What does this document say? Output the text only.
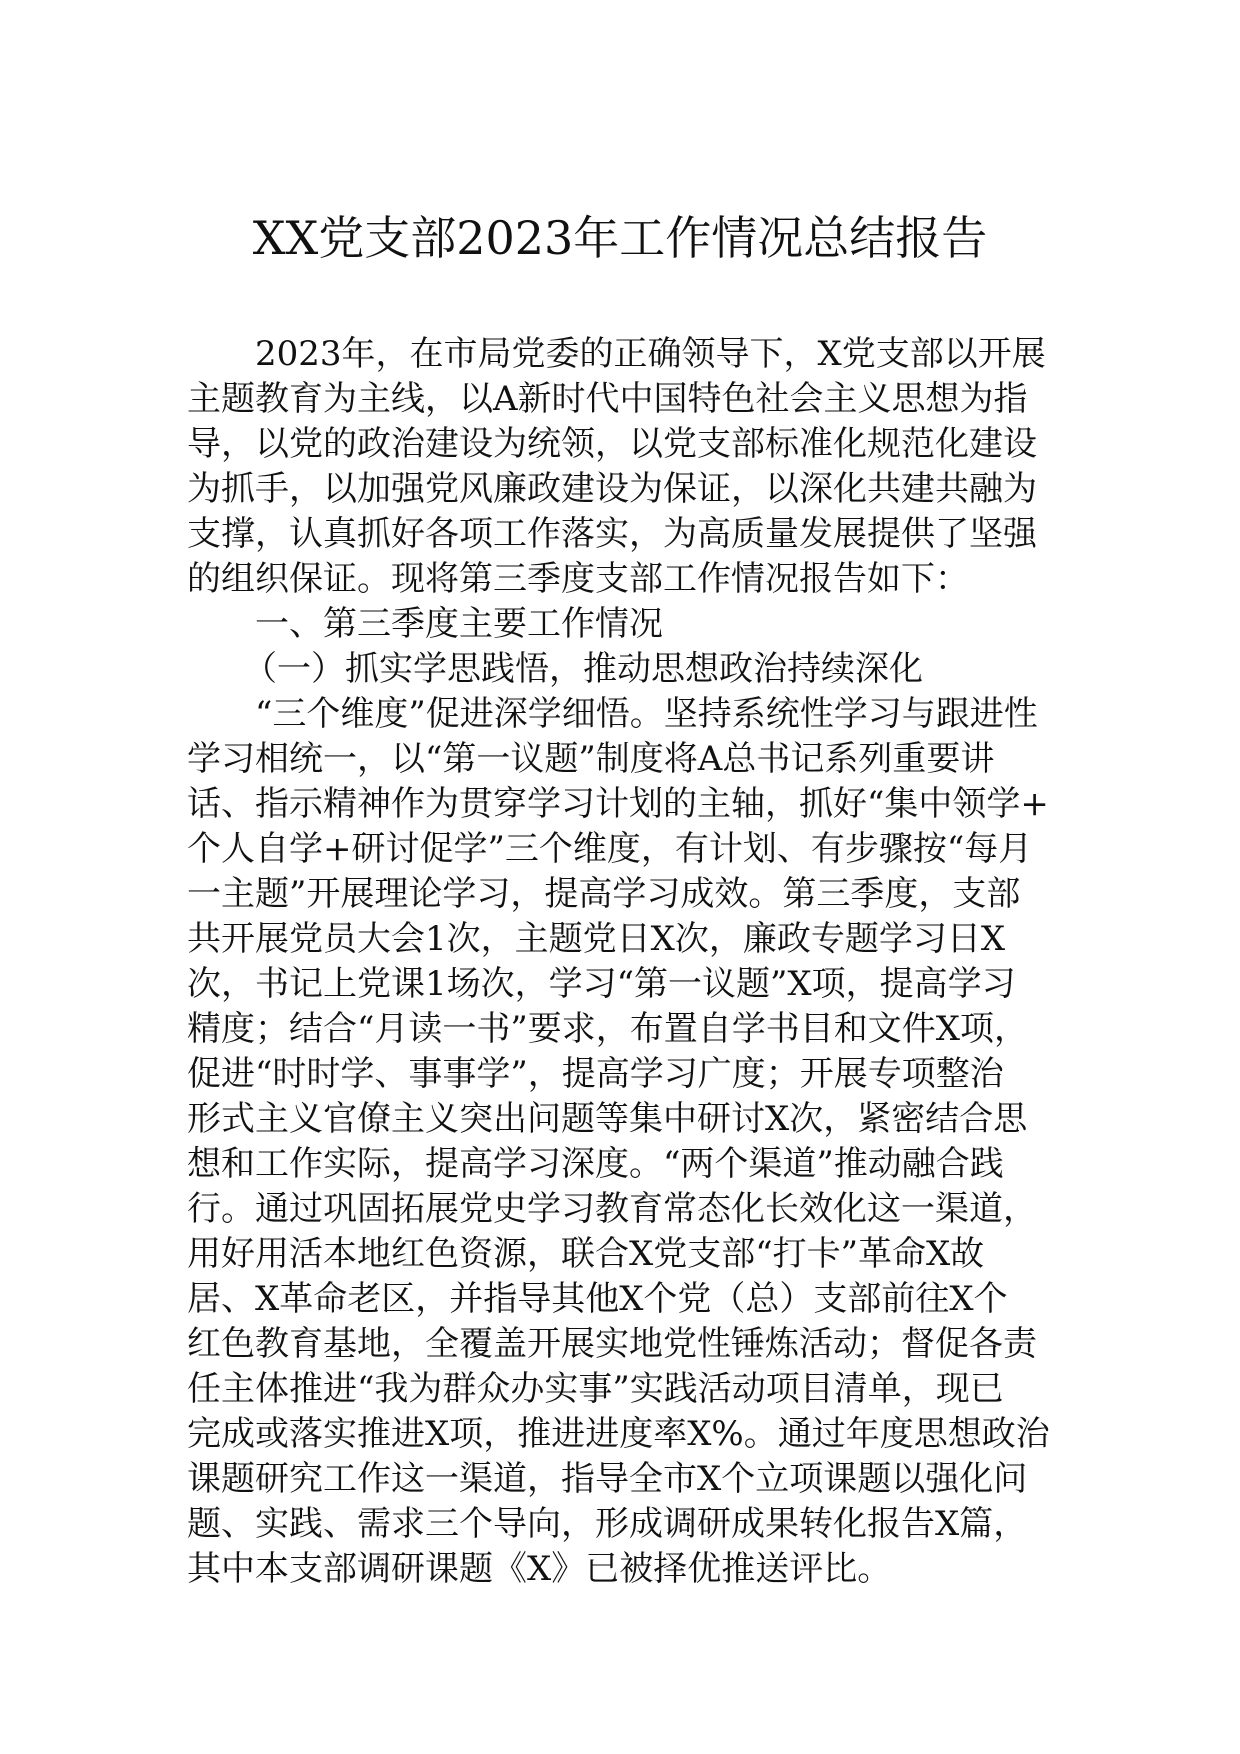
XX党支部2023年工作情况总结报告
2023年，在市局党委的正确领导下，X党支部以开展
主题教育为主线，以A新时代中国特色社会主义思想为指
导，以党的政治建设为统领，以党支部标准化规范化建设
为抓手，以加强党风廉政建设为保证，以深化共建共融为
支撑，认真抓好各项工作落实，为高质量发展提供了坚强
的组织保证。现将第三季度支部工作情况报告如下：
一、第三季度主要工作情况
（一）抓实学思践悟，推动思想政治持续深化
“三个维度”促进深学细悟。坚持系统性学习与跟进性
学习相统一，以“第一议题”制度将A总书记系列重要讲
话、指示精神作为贯穿学习计划的主轴，抓好“集中领学+
个人自学+研讨促学”三个维度，有计划、有步骤按“每月
一主题”开展理论学习，提高学习成效。第三季度，支部
共开展党员大会1次，主题党日X次，廉政专题学习日X
次，书记上党课1场次，学习“第一议题”X项，提高学习
精度；结合“月读一书”要求，布置自学书目和文件X项，
促进“时时学、事事学”，提高学习广度；开展专项整治
形式主义官僚主义突出问题等集中研讨X次，紧密结合思
想和工作实际，提高学习深度。“两个渠道”推动融合践
行。通过巩固拓展党史学习教育常态化长效化这一渠道，
用好用活本地红色资源，联合X党支部“打卡”革命X故
居、X革命老区，并指导其他X个党（总）支部前往X个
红色教育基地，全覆盖开展实地党性锤炼活动；督促各责
任主体推进“我为群众办实事”实践活动项目清单，现已
完成或落实推进X项，推进进度率X%。通过年度思想政治
课题研究工作这一渠道，指导全市X个立项课题以强化问
题、实践、需求三个导向，形成调研成果转化报告X篇，
其中本支部调研课题《X》已被择优推送评比。
